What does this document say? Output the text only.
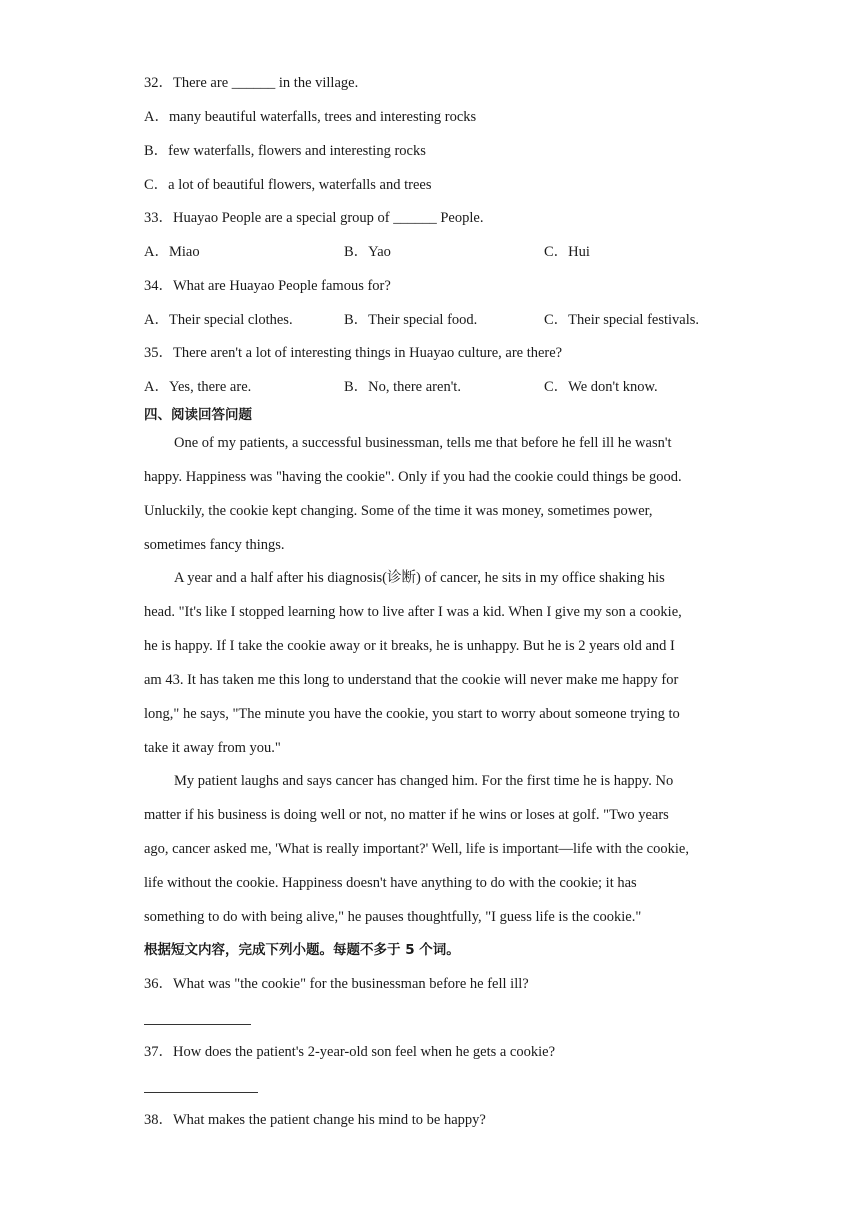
32．There are ______ in the village.
A．many beautiful waterfalls, trees and interesting rocks
B．few waterfalls, flowers and interesting rocks
C．a lot of beautiful flowers, waterfalls and trees
33．Huayao People are a special group of ______ People.
A．Miao	B．Yao	C．Hui
34．What are Huayao People famous for?
A．Their special clothes.	B．Their special food.	C．Their special festivals.
35．There aren't a lot of interesting things in Huayao culture, are there?
A．Yes, there are.	B．No, there aren't.	C．We don't know.
四、阅读回答问题
One of my patients, a successful businessman, tells me that before he fell ill he wasn't
happy. Happiness was "having the cookie". Only if you had the cookie could things be good.
Unluckily, the cookie kept changing. Some of the time it was money, sometimes power,
sometimes fancy things.
A year and a half after his diagnosis(诊断) of cancer, he sits in my office shaking his
head. "It's like I stopped learning how to live after I was a kid. When I give my son a cookie,
he is happy. If I take the cookie away or it breaks, he is unhappy. But he is 2 years old and I
am 43. It has taken me this long to understand that the cookie will never make me happy for
long," he says, "The minute you have the cookie, you start to worry about someone trying to
take it away from you."
My patient laughs and says cancer has changed him. For the first time he is happy. No
matter if his business is doing well or not, no matter if he wins or loses at golf. "Two years
ago, cancer asked me, 'What is really important?' Well, life is important—life with the cookie,
life without the cookie. Happiness doesn't have anything to do with the cookie; it has
something to do with being alive," he pauses thoughtfully, "I guess life is the cookie."
根据短文内容，完成下列小题。每题不多于 5 个词。
36．What was "the cookie" for the businessman before he fell ill?
37．How does the patient's 2-year-old son feel when he gets a cookie?
38．What makes the patient change his mind to be happy?
